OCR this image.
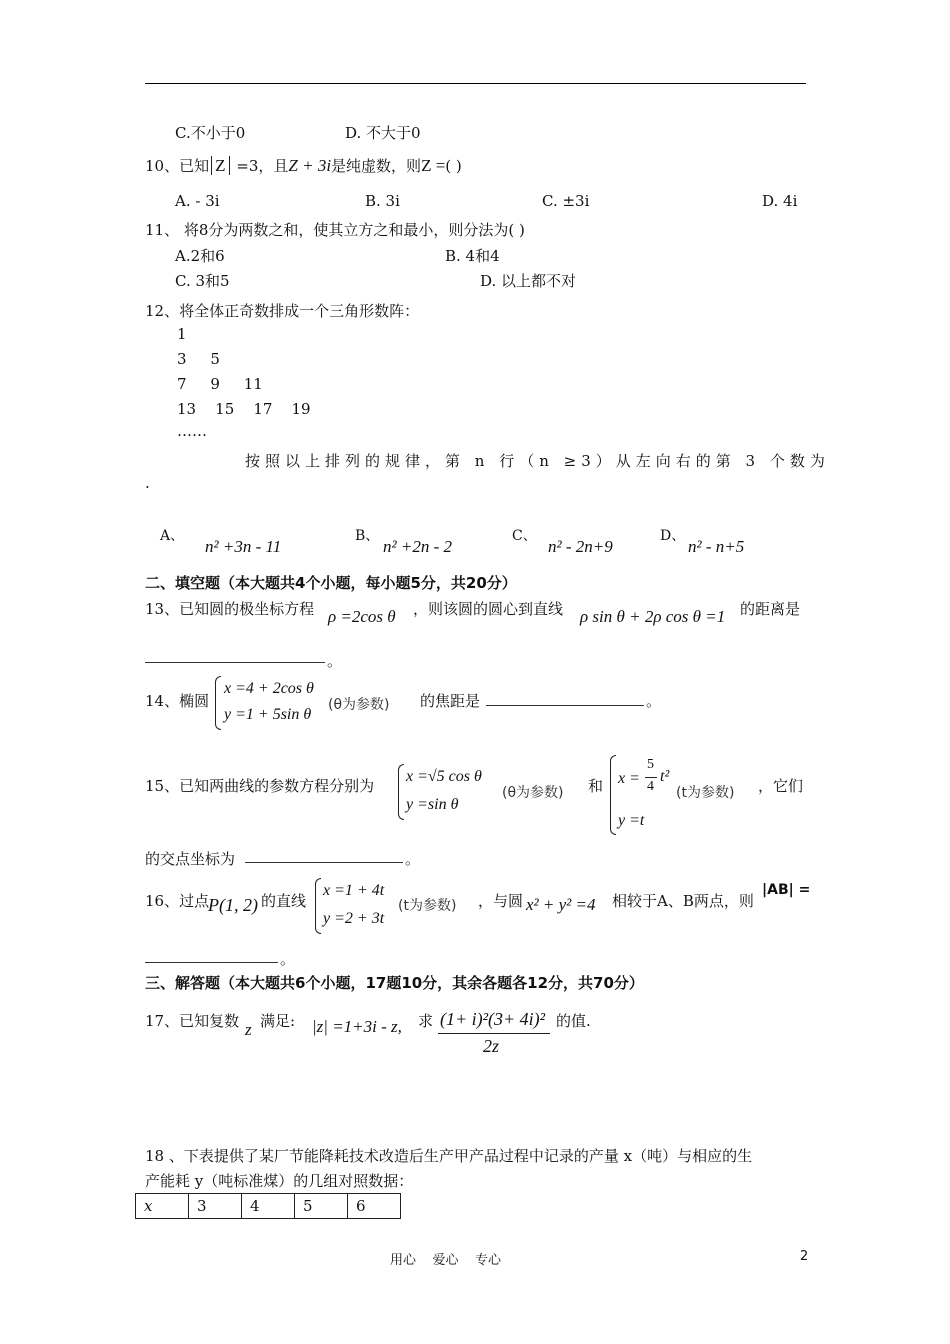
C.不小于0	D. 不大于0
10、已知 Z =3，且Z + 3i是纯虚数，则Z =( )
A. - 3i	B. 3i	C. ±3i	D. 4i
11、 将8分为两数之和，使其立方之和最小，则分法为( )
A.2和6	B. 4和4
C. 3和5	D. 以上都不对
12、将全体正奇数排成一个三角形数阵：
1
3     5
7     9     11
13    15    17    19
……
按照以上排列的规律，第 n 行（n ≥3）从左向右的第 3 个数为
.
A、
n² +3n - 11
B、
n² +2n - 2
C、
n² - 2n+9
D、
n² - n+5
二、填空题（本大题共4个小题，每小题5分，共20分）
13、已知圆的极坐标方程 ρ =2cos θ ，则该圆的圆心到直线 ρ sin θ + 2ρ cos θ =1 的距离是
。
14、椭圆
x =4 + 2cos θ
y =1 + 5sin θ
(θ为参数) 的焦距是	。
15、已知两曲线的参数方程分别为
x =√5 cos θ
y =sin θ
(θ为参数) 和 x =
5
4
t²
y =t
(t为参数) ，它们
的交点坐标为	。
16、过点
P(1, 2) 的直线
x =1 + 4t
y =2 + 3t
(t为参数) ，与圆 x² + y² =4 相较于A、B两点，则
|AB| =
。
三、解答题（本大题共6个小题，17题10分，其余各题各12分，共70分）
17、已知复数 z 满足: |z| =1+3i - z, 求 (1+ i)²(3+ 4i)²
2z
的值.
18 、下表提供了某厂节能降耗技术改造后生产甲产品过程中记录的产量 x（吨）与相应的生
产能耗 y（吨标准煤）的几组对照数据：
x	3	4	5	6
用心    爱心    专心	2
